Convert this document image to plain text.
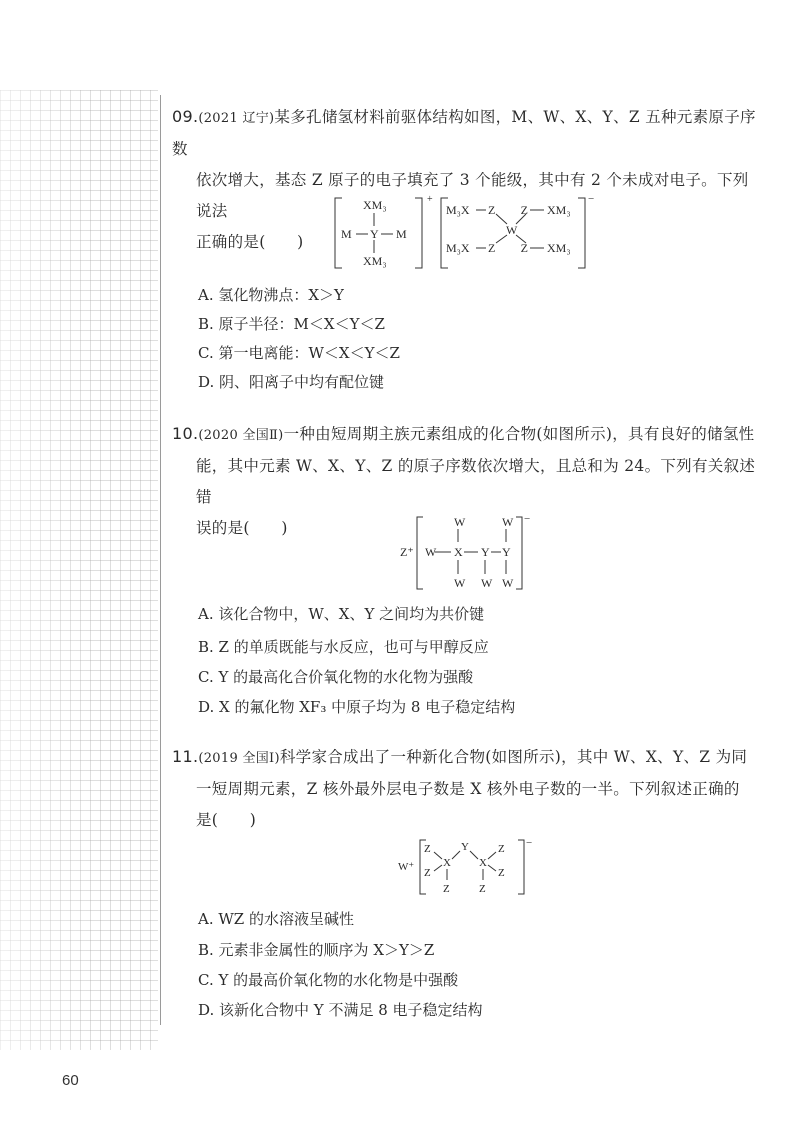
09.(2021 辽宁)某多孔储氢材料前驱体结构如图，M、W、X、Y、Z 五种元素原子序数
依次增大，基态 Z 原子的电子填充了 3 个能级，其中有 2 个未成对电子。下列说法
正确的是(　　)
XM₃
M Y M
XM₃
+
M₃X Z Z XM₃
W
M₃X Z Z XM₃
−
A. 氢化物沸点：X＞Y
B. 原子半径：M＜X＜Y＜Z
C. 第一电离能：W＜X＜Y＜Z
D. 阴、阳离子中均有配位键
10.(2020 全国Ⅱ)一种由短周期主族元素组成的化合物(如图所示)，具有良好的储氢性
能，其中元素 W、X、Y、Z 的原子序数依次增大，且总和为 24。下列有关叙述错
误的是(　　)
Z⁺ W
W	W
X Y Y
W W W
−
A. 该化合物中，W、X、Y 之间均为共价键
B. Z 的单质既能与水反应，也可与甲醇反应
C. Y 的最高化合价氧化物的水化物为强酸
D. X 的氟化物 XF₃ 中原子均为 8 电子稳定结构
11.(2019 全国Ⅰ)科学家合成出了一种新化合物(如图所示)，其中 W、X、Y、Z 为同
一短周期元素，Z 核外最外层电子数是 X 核外电子数的一半。下列叙述正确的
是(　　)
W⁺
Z
Z
X
Y
X
Z
Z
Z	Z
−
A. WZ 的水溶液呈碱性
B. 元素非金属性的顺序为 X＞Y＞Z
C. Y 的最高价氧化物的水化物是中强酸
D. 该新化合物中 Y 不满足 8 电子稳定结构
60
